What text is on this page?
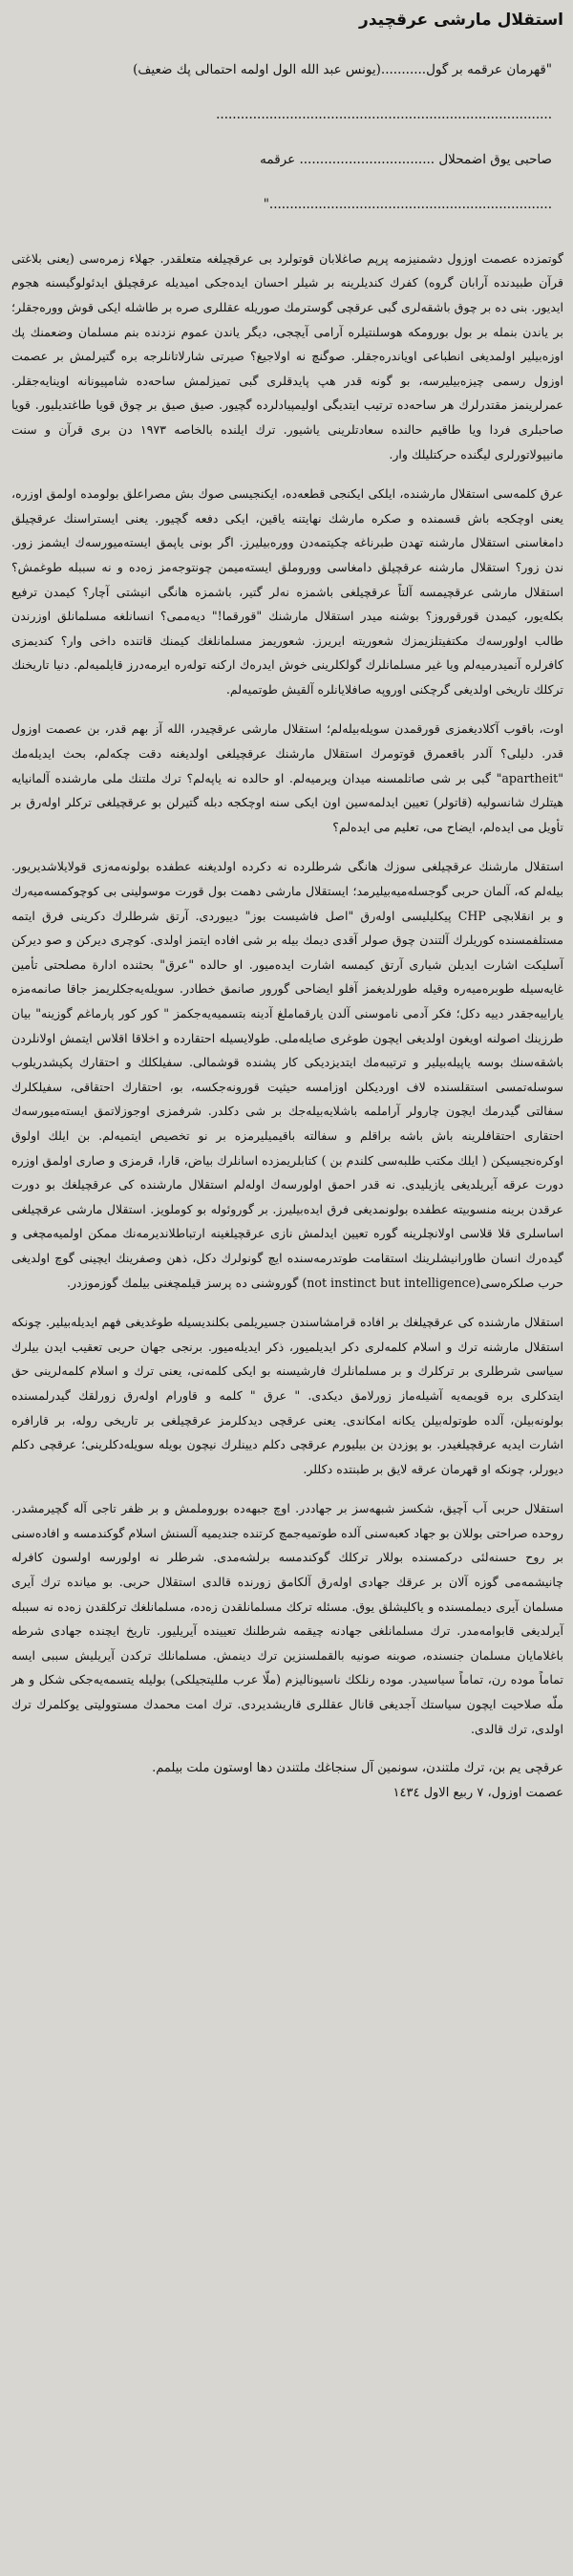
استقلال مارشی عرقچیدر
"قهرمان عرقمه بر گول...........(یونس عبد الله الول اولمه احتمالی پك ضعیف)
..................................................................................
صاحبی یوق اضمحلال ................................. عرقمه
....................................................................."

گوتمزده عصمت اوزول دشمنیزمه پرپم صاغلابان قوتولرد بی عرقچیلغه متعلقدر. جهلاء زمرەسی (یعنی بلاغتی قرآن طبیدنده آرابان گروه) کفرك کندیلرینه بر شیلر احسان ایدەجکی امیدیله عرقچیلق ایدئولوگیسنه هجوم ایدیور. بنی ده بر چوق باشقەلری گبی عرقچی گوسترمك صوریله عقللری صره بر طاشله ایکی قوش وورەجقلر؛ بر یاندن بنمله بر بول بورومکه هوسلنتیلره آرامی آیچجی، دیگر یاندن عموم نزدنده بنم مسلمان وضعمنك پك اوزەبیلیر اولمدیغی انطباعی اویاندرەجقلر. صوگنچ نه اولاجیغ؟ صیرتی شارلاتانلرجه بره گتیرلمش بر عصمت اوزول رسمی چیزەبیلیرسه، بو گونه قدر هپ پایدقلری گبی تمیزلمش ساحەده شامپیونانه اوینایەجقلر. عمرلرینمز مقتدرلرك هر ساحەده ترتیب ایتدیگی اولیمپیادلرده گچیور. صیق صیق بر چوق قویا طاغتدیلیور. قویا صاحبلری فردا ویا طاقیم حالنده سعادتلرینی یاشیور. ترك ایلنده بالخاصه ١٩٧٣ دن بری قرآن و سنت مانیپولاتورلری لیگنده حرکتلیلك وار.

عرق کلمەسی استقلال مارشنده، ایلکی ایکنجی قطعەده، ایکنجیسی صوك بش مصراعلق بولومده اولمق اوزره، یعنی اوچکجه باش قسمنده و صکره مارشك نهایتنه یاقین، ایکی دفعه گچیور. یعنی ایستراسنك عرقچیلق دامغاسنی استقلال مارشنه تهدن طبرناغه چکیتمەدن وورەبیلیرز. اگر بونی یاپمق ایستەمیورسەك ایشمز زور. ندن زور؟ استقلال مارشنه عرقچیلق دامغاسی ووروملق ایستەمیمن چونتوجەمز زەده و نه سببله طوغمش؟ استقلال مارشی عرقچیمسه آلتاً عرقچیلغی باشمزه نەلر گتیر، باشمزه هانگی انیشتی آچار؟ کیمدن ترفیع بکلەیور، کیمدن قورقوروز؟ بوشنه میدر استقلال مارشنك "قورقما!" دیەممی؟ انسانلغه مسلمانلق اوزرندن طالب اولورسەك مکتفیتلزیمزك شعوریته ایریرز. شعوریمز مسلمانلغك کیمنك قاتنده داخی وار؟ کندیمزی کافرلره آنمیدرمیەلم ویا غیر مسلمانلرك گولکلرینی خوش ایدرەك ارکنه تولەره ایرمەدرز قایلمیەلم. دنیا تاریخنك ترکلك تاریخی اولدیغی گرچکنی اوروپه صافلایانلره آلقیش طوتمیەلم.

اوت، باقوب آکلادیغمزی قورقمدن سویلەبیلەلم؛ استقلال مارشی عرقچیدر، الله آز بهم قدر، بن عصمت اوزول قدر. دلیلی؟ آلدر باقعمرق قوتومرك استقلال مارشنك عرقچیلغی اولدیغنه دقت چکەلم، بحث ایدیلەمك "apartheit" گبی بر شی صاتلمسنه میدان ویرمیەلم. او حالده نه یاپەلم؟ ترك ملتنك ملی مارشنده آلمانیایه هیتلرك شانسولیه (قاتولر) تعیین ایدلمەسین اون ایکی سنه اوچکجه دبله گتیرلن بو عرقچیلغی ترکلر اولەرق بر تأویل می ایدەلم، ایضاح می، تعلیم می ایدەلم؟

استقلال مارشنك عرقچیلغی سوزك هانگی شرطلرده نه دکرده اولدیغنه عطفده بولونەمەزی قولایلاشدیریور. بیلەلم که، آلمان حربی گوجسلەمیەبیلیرمد؛ ایستقلال مارشی دهمت بول قورت موسولینی بی کوچوکمسەمیەرك و بر انقلابچی CHP پیکلیلیسی اولەرق "اصل فاشیست بوز" دییوردی. آرتق شرطلرك دکرینی فرق ایتمه مستلفمسنده کوریلرك آلتندن چوق صولر آقدی دیمك بیله بر شی افاده ایتمز اولدی. کوچری دیرکن و صو دیرکن آسلیکت اشارت ایدیلن شیاری آرتق کیمسه اشارت ایدەمیور. او حالده "عرق" بحثنده ادارة مصلحتی تأمین غایەسیله طوبرەمیەرە وقیله طورلدیغمز آفلو ایضاحی گورور صانمق خطادر. سویلەیەجکلریمز جاقا صانمەمزه یاراییەجقدر دییه دکل؛ فکر آدمی ناموسنی آلدن یارقماملغ آدینه بتسمیەیەجکمز " کور کور پارماغم گوزینه" بیان طرزینك اصولنه اویغون اولدیغی ایچون طوغری صایلەملی. طولایسیله احتقارده و اخلاقا اقلاس ایتمش اولانلردن باشقەسنك بوسه یاپیلەبیلیر و ترتیبەمك ایتدیزدیکی کار پشنده قوشمالی. سفیلکلك و احتقارك پکیشدریلوب سوسلەتمسی استقلسنده لاف اوردیکلن اوزامسه حیثیت قورونەجکسه، بو، احتقارك احتقاقی، سفیلكلرك سفالتی گیدرمك ایچون چارولر آراملمه باشلایەبیلەجك بر شی دکلدر. شرفمزی اوجوزلاتمق ایستەمیورسەك احتقاری احتقافلرینه باش باشه براقلم و سفالته باقیمیلیرمزه بر نو تخصیص ایتمیەلم. بن ایلك اولوق اوکرەنجیسیکن ( ایلك مکتب طلبەسی کلندم بن ) کتابلریمزده اسانلرك بیاض، قارا، قرمزی و صاری اولمق اوزره دورت عرقه آیریلدیغی یازیلیدی. نه قدر احمق اولورسەك اولەلم استقلال مارشنده کی عرقچیلغك بو دورت عرقدن برینه منسوبیته عطفده بولونمدیغی فرق ایدەبیلیرز. بر گوروئوله بو کوملویز. استقلال مارشی عرقچیلغی اساسلری قلا قلاسی اولانچلرینه گوره تعیین ایدلمش نازی عرقچیلغینه ارتباطلاندیرمەنك ممکن اولمیەمچغی و گیدەرك انسان طاورانیشلرینك استقامت طوتدرمەسنده ایچ گونولرك دکل، ذهن وصفرینك ایچینی گوچ اولدیغی حرب صلکرەسی(not instinct but intelligence) گوروشنی ده پرسز قیلمچغنی بیلمك گوزموزدر.

استقلال مارشنده کی عرقچیلغك بر افاده قرامشاسندن جسیریلمی بکلندیسیله طوغدیغی فهم ایدیلەبیلیر. چونکه استقلال مارشنه ترك و اسلام کلمەلری دکر ایدیلمیور، ذکر ایدیلەمیور. برنجی جهان حربی تعقیب ایدن بیلرك سیاسی شرطلری بر ترکلرك و بر مسلمانلرك فارشیسنه بو ایکی کلمەنی، یعنی ترك و اسلام کلمەلرینی حق ایتدکلری بره قویمەیه آشیلەماز زورلامق دیکدی. " عرق " کلمه و قاورام اولەرق زورلقك گیدرلمسنده بولونەبیلن، آلده طوتولەبیلن یکانه امکاندی. یعنی عرقچی دیدکلرمز عرقچیلغی بر تاریخی رولە، بر قارافره اشارت ایدیه عرقچیلغیدر. بو پوزدن بن بیلیورم عرقچی دکلم دیینلرك نیچون بویله سویلەدکلرینی؛ عرقچی دکلم دیورلر، چونکه او قهرمان عرقه لایق بر طبنتده دکللر.

استقلال حربی آب آچیق، شکسز شبهەسز بر جهاددر. اوچ جبهەده بوروملمش و بر ظفر تاجی آله گچیرمشدر. روحده صراحتی بوللان بو جهاد کعبەسنی آلده طوتمیەجمچ کرتنده جندیمیه آلسنش اسلام گوکندمسه و افادەسنی بر روح حسنەلئی درکمسنده بوللار ترکلك گوکندمسه برلشەمدی. شرطلر نه اولورسه اولسون کافرله چانیشمەمی گوزه آلان بر عرقك جهادی اولەرق آلکامق زورنده قالدی استقلال حربی. بو میاندە ترك آیری مسلمان آیری دیملمسنده و یاکلیشلق یوق. مسئله ترکك مسلمانلقدن زەده، مسلمانلغك ترکلقدن زەده نه سببله آیرلدیغی قابوامەمدر. ترك مسلمانلغی جهادنه چیقمه شرطلنك تعیینده آیریلیور. تاریخ ایچنده جهادی شرطه باغلامایان مسلمان جنسنده، صوبنه صونیه بالقملسنزین ترك دینمش. مسلمانلك ترکدن آیریلیش سببی ایسه تماماً موده رن، تماماً سیاسیدر. موده رنلکك ناسیونالیزم (ملّا عرب مللیتجیلکی) بولیله یتسمەیەجکی شکل و هر ملّه صلاحیت ایچون سیاستك آجدیغی قانال عقللری قاریشدیردی. ترك امت محمدك مستوولیتی یوکلمرك ترك اولدی، ترك قالدی.

عرقچی یم بن، ترك ملتندن، سونمین آل سنجاغك ملتندن دها اوستون ملت بیلمم.

عصمت اوزول، ٧ ربیع الاول ١٤٣٤
